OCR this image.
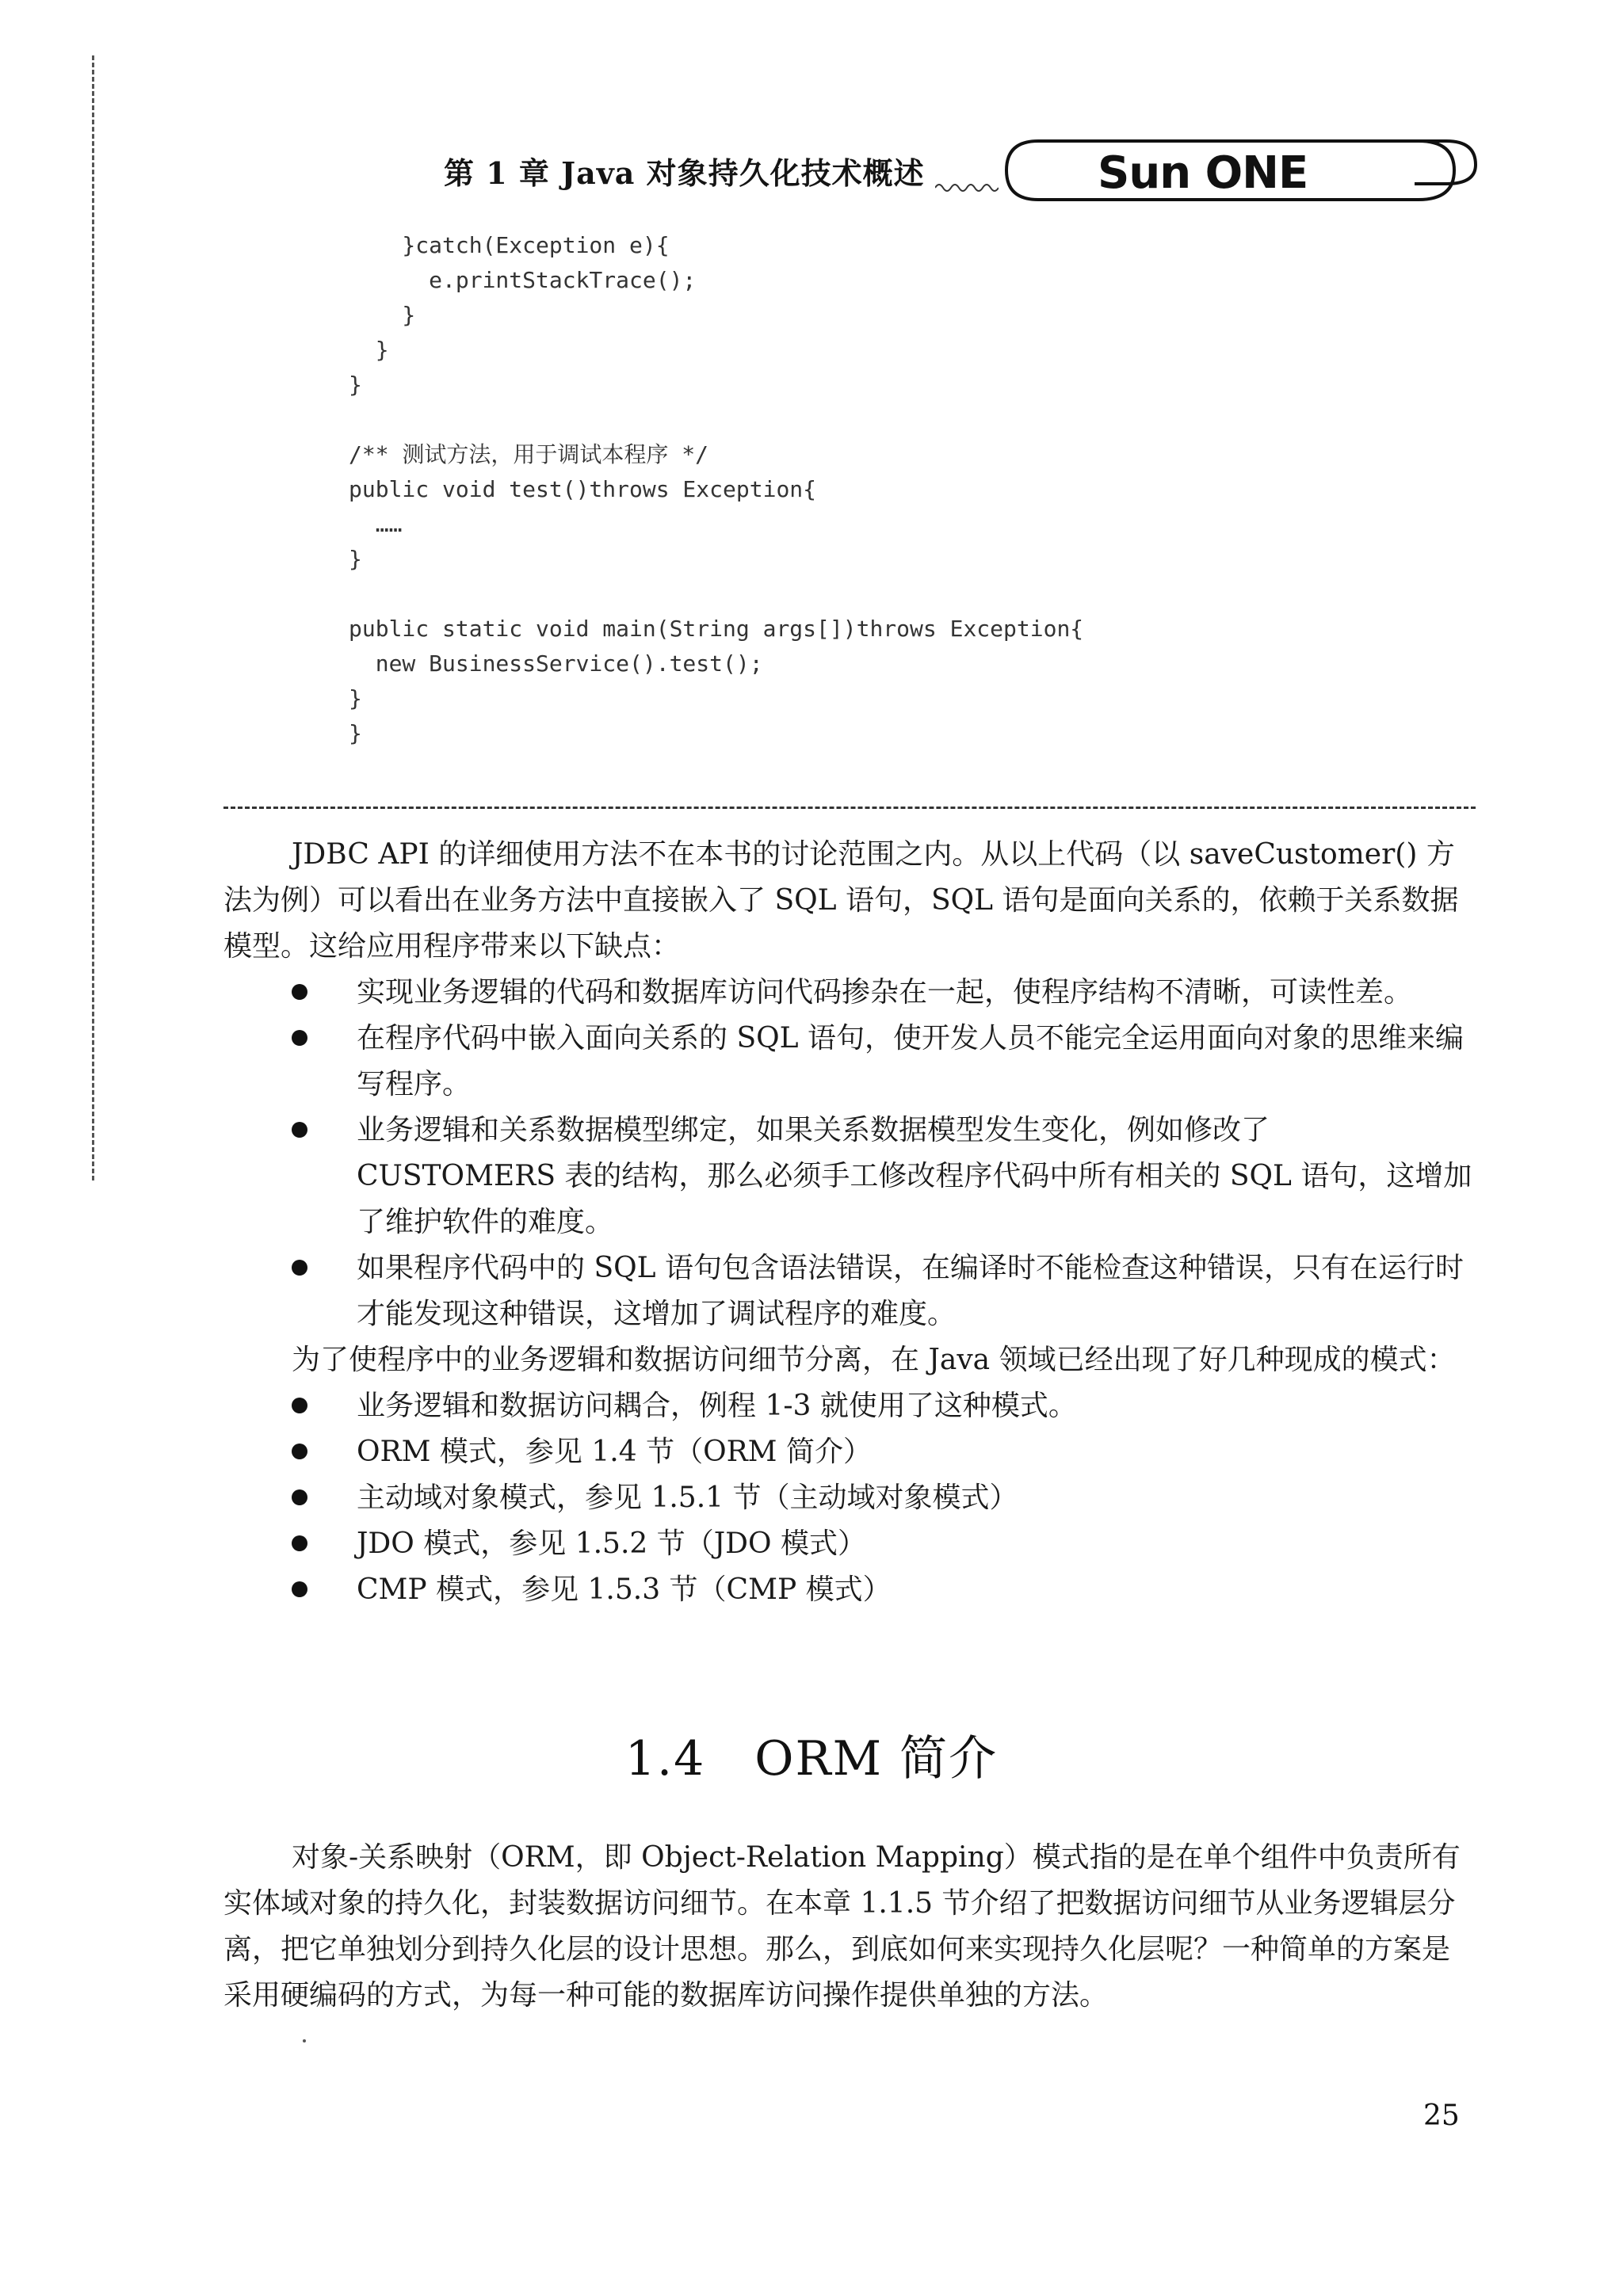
第 1 章 Java 对象持久化技术概述	Sun ONE
}catch(Exception e){
e.printStackTrace();
}
}
}
/** 测试方法，用于调试本程序 */
public void test()throws Exception{
……
}
public static void main(String args[])throws Exception{
new BusinessService().test();
}
}

JDBC API 的详细使用方法不在本书的讨论范围之内。从以上代码（以 saveCustomer() 方法为例）可以看出在业务方法中直接嵌入了 SQL 语句，SQL 语句是面向关系的，依赖于关系数据模型。这给应用程序带来以下缺点：

实现业务逻辑的代码和数据库访问代码掺杂在一起，使程序结构不清晰，可读性差。

在程序代码中嵌入面向关系的 SQL 语句，使开发人员不能完全运用面向对象的思维来编写程序。

业务逻辑和关系数据模型绑定，如果关系数据模型发生变化，例如修改了 CUSTOMERS 表的结构，那么必须手工修改程序代码中所有相关的 SQL 语句，这增加了维护软件的难度。

如果程序代码中的 SQL 语句包含语法错误，在编译时不能检查这种错误，只有在运行时才能发现这种错误，这增加了调试程序的难度。

为了使程序中的业务逻辑和数据访问细节分离，在 Java 领域已经出现了好几种现成的模式：

业务逻辑和数据访问耦合，例程 1-3 就使用了这种模式。

ORM 模式，参见 1.4 节（ORM 简介）

主动域对象模式，参见 1.5.1 节（主动域对象模式）

JDO 模式，参见 1.5.2 节（JDO 模式）

CMP 模式，参见 1.5.3 节（CMP 模式）

1.4　ORM 简介

对象-关系映射（ORM，即 Object-Relation Mapping）模式指的是在单个组件中负责所有实体域对象的持久化，封装数据访问细节。在本章 1.1.5 节介绍了把数据访问细节从业务逻辑层分离，把它单独划分到持久化层的设计思想。那么，到底如何来实现持久化层呢？一种简单的方案是采用硬编码的方式，为每一种可能的数据库访问操作提供单独的方法。

25
